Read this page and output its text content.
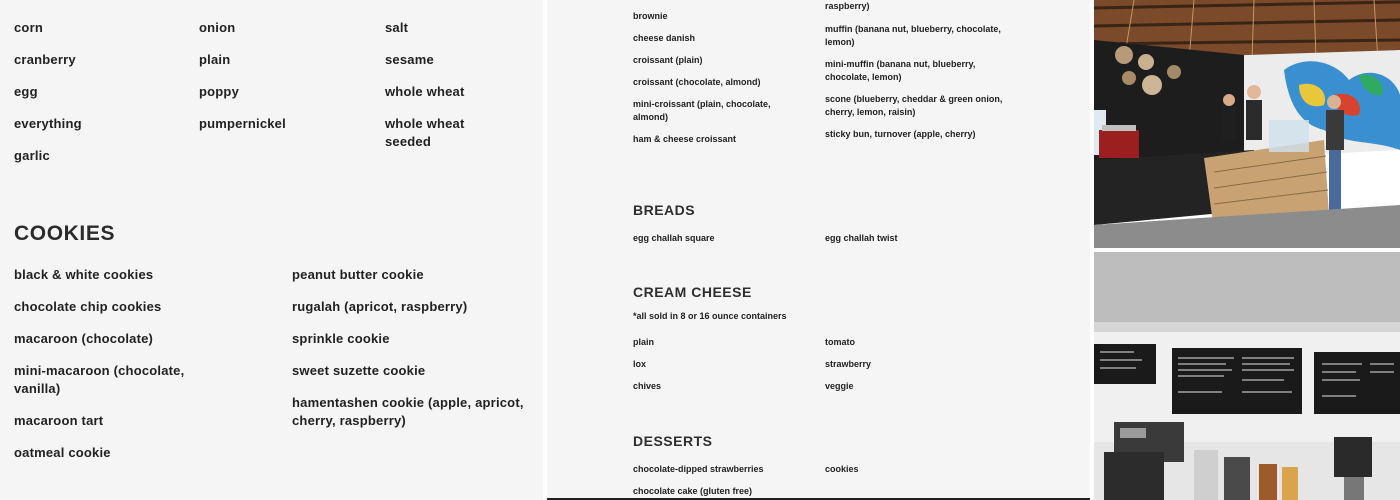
corn
cranberry
egg
everything
garlic
onion
plain
poppy
pumpernickel
salt
sesame
whole wheat
whole wheat seeded
COOKIES
black & white cookies
chocolate chip cookies
macaroon (chocolate)
mini-macaroon (chocolate, vanilla)
macaroon tart
oatmeal cookie
peanut butter cookie
rugalah (apricot, raspberry)
sprinkle cookie
sweet suzette cookie
hamentashen cookie (apple, apricot, cherry, raspberry)
brownie
cheese danish
croissant (plain)
croissant (chocolate, almond)
mini-croissant (plain, chocolate, almond)
ham & cheese croissant
raspberry)
muffin (banana nut, blueberry, chocolate, lemon)
mini-muffin (banana nut, blueberry, chocolate, lemon)
scone (blueberry, cheddar & green onion, cherry, lemon, raisin)
sticky bun, turnover (apple, cherry)
BREADS
egg challah square	egg challah twist
CREAM CHEESE
*all sold in 8 or 16 ounce containers
plain
lox
chives
tomato
strawberry
veggie
DESSERTS
chocolate-dipped strawberries
chocolate cake (gluten free)
cookies
